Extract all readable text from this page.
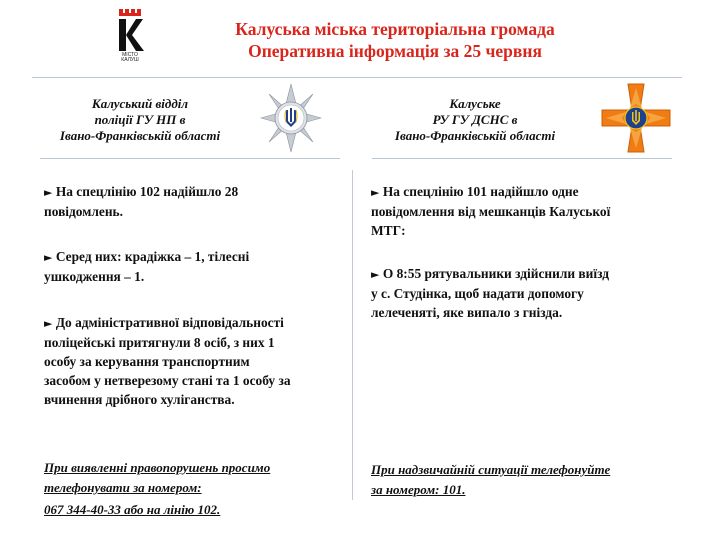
МІСТО
КАЛУШ
Калуська міська територіальна громада
Оперативна інформація за 25 червня
Калуський відділ
поліції ГУ НП в
Івано-Франківській області
Калуське
РУ ГУ ДСНС в
Івано-Франківській області
► На спецлінію 102 надійшло 28
повідомлень.
► Серед них: крадіжка – 1, тілесні
ушкодження – 1.
► До адміністративної відповідальності
поліцейські притягнули 8 осіб, з них 1
особу за керування транспортним
засобом у нетверезому стані та 1 особу за
вчинення дрібного хуліганства.
При виявленні правопорушень просимо
телефонувати за номером:
067 344-40-33 або на лінію 102.
► На спецлінію 101 надійшло одне
повідомлення від мешканців Калуської
МТГ:
► О 8:55 рятувальники здійснили виїзд
у с. Студінка, щоб надати допомогу
лелеченяті, яке випало з гнізда.
При надзвичайній ситуації телефонуйте
за номером: 101.
